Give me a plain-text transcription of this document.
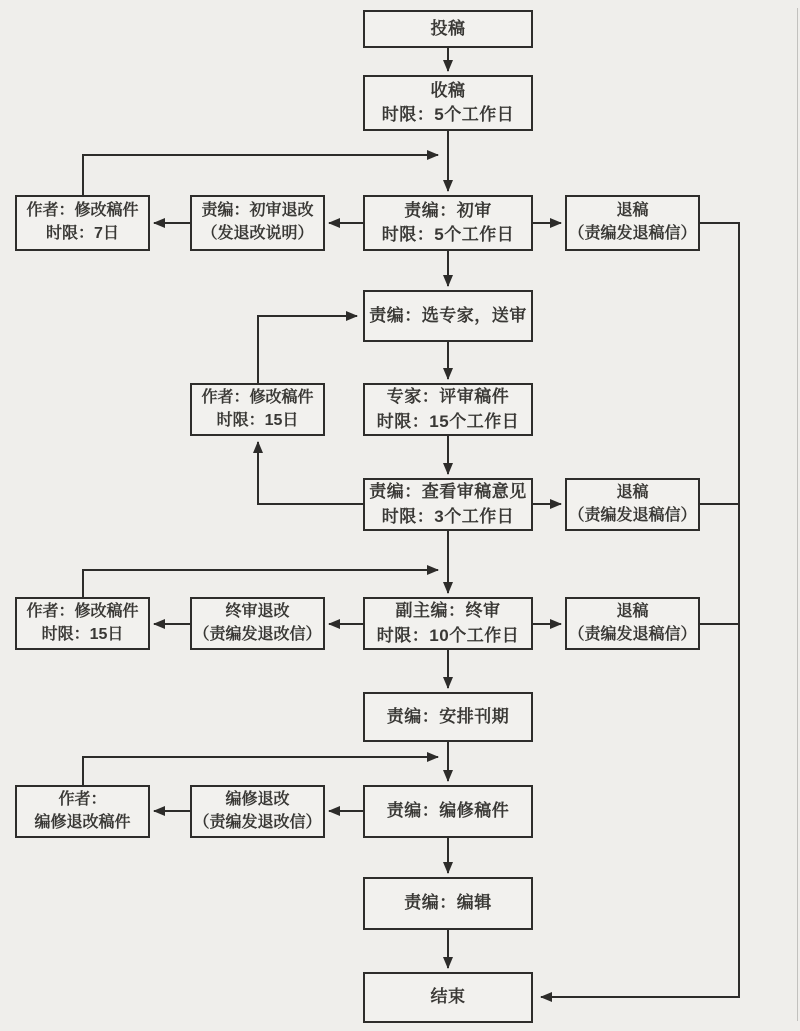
投稿
收稿
时限：5个工作日
作者：修改稿件
时限：7日
责编：初审退改
（发退改说明）
责编：初审
时限：5个工作日
退稿
（责编发退稿信）
责编：选专家，送审
作者：修改稿件
时限：15日
专家：评审稿件
时限：15个工作日
责编：查看审稿意见
时限：3个工作日
退稿
（责编发退稿信）
作者：修改稿件
时限：15日
终审退改
（责编发退改信）
副主编：终审
时限：10个工作日
退稿
（责编发退稿信）
责编：安排刊期
作者：
编修退改稿件
编修退改
（责编发退改信）
责编：编修稿件
责编：编辑
结束
